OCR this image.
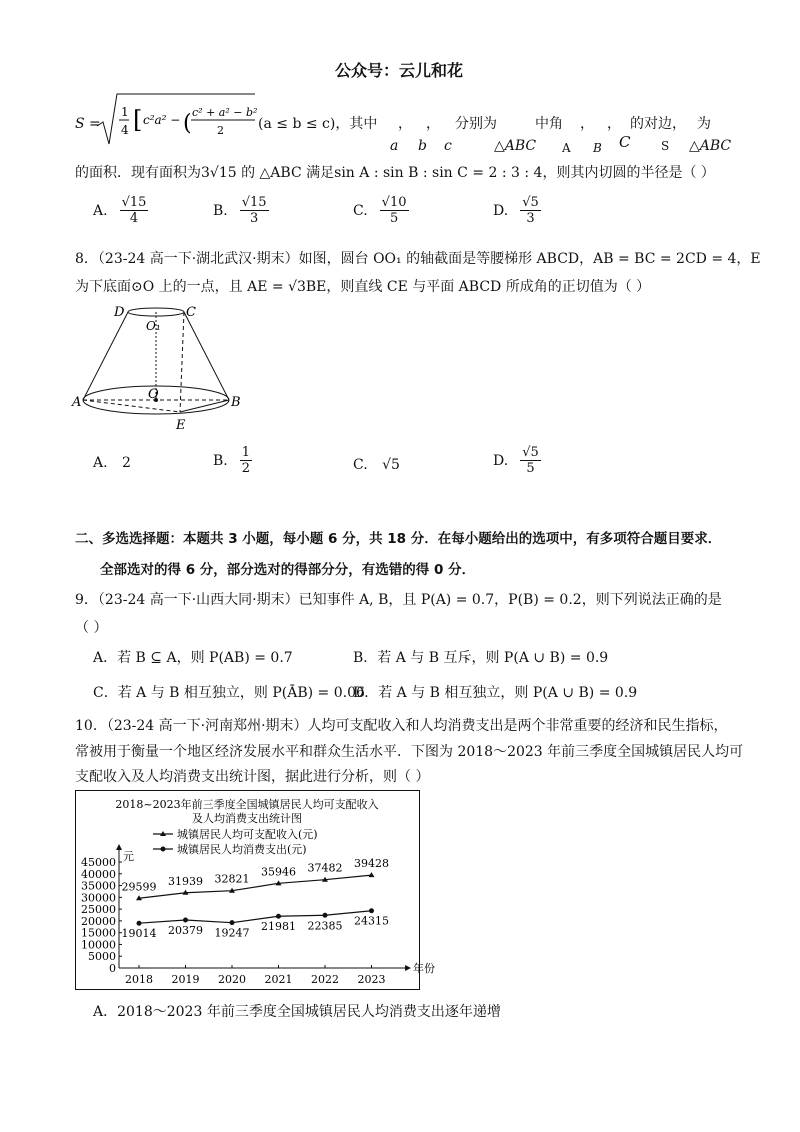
公众号：云儿和花
S =
1
4 [ c²a² − ( c² + a² − b²
2 (a ≤ b ≤ c)，其中 ， ， 分别为	中角 ， ， 的对边， 为
a b c	△ABC A B C	S △ABC
的面积．现有面积为3√15 的 △ABC 满足sin A : sin B : sin C = 2 : 3 : 4，则其内切圆的半径是（ ）
A. $\frac{√15}{4}$	B. $\frac{√15}{3}$	C. $\frac{√10}{5}$	D. $\frac{√5}{3}$
8．（23-24 高一下·湖北武汉·期末）如图，圆台 OO₁ 的轴截面是等腰梯形 ABCD，AB = BC = 2CD = 4，E
为下底面⊙O 上的一点，且 AE = √3BE，则直线 CE 与平面 ABCD 所成角的正切值为（ ）
D	C
O₁
O
A	B
E
A. 2	B. $\frac{1}{2}$	C. √5	D. $\frac{√5}{5}$
二、多选选择题：本题共 3 小题，每小题 6 分，共 18 分．在每小题给出的选项中，有多项符合题目要求．
全部选对的得 6 分，部分选对的得部分分，有选错的得 0 分．
9．（23-24 高一下·山西大同·期末）已知事件 A, B，且 P(A) = 0.7，P(B) = 0.2，则下列说法正确的是
（ ）
A．若 B ⊆ A，则 P(AB) = 0.7	B．若 A 与 B 互斥，则 P(A ∪ B) = 0.9
C．若 A 与 B 相互独立，则 P(ĀB) = 0.06
D．若 A 与 B 相互独立，则 P(A ∪ B) = 0.9
10．（23-24 高一下·河南郑州·期末）人均可支配收入和人均消费支出是两个非常重要的经济和民生指标，
常被用于衡量一个地区经济发展水平和群众生活水平．下图为 2018～2023 年前三季度全国城镇居民人均可
支配收入及人均消费支出统计图，据此进行分析，则（ ）
2018~2023年前三季度全国城镇居民人均可支配收入
及人均消费支出统计图
城镇居民人均可支配收入(元)
城镇居民人均消费支出(元)
元
年份
45000
40000
35000
30000
25000
20000
15000
10000
5000
0
2018 2019 2020 2021 2022 2023
29599 31939 32821
35946 37482 39428
19014 20379 19247 21981 22385 24315
A．2018～2023 年前三季度全国城镇居民人均消费支出逐年递增
